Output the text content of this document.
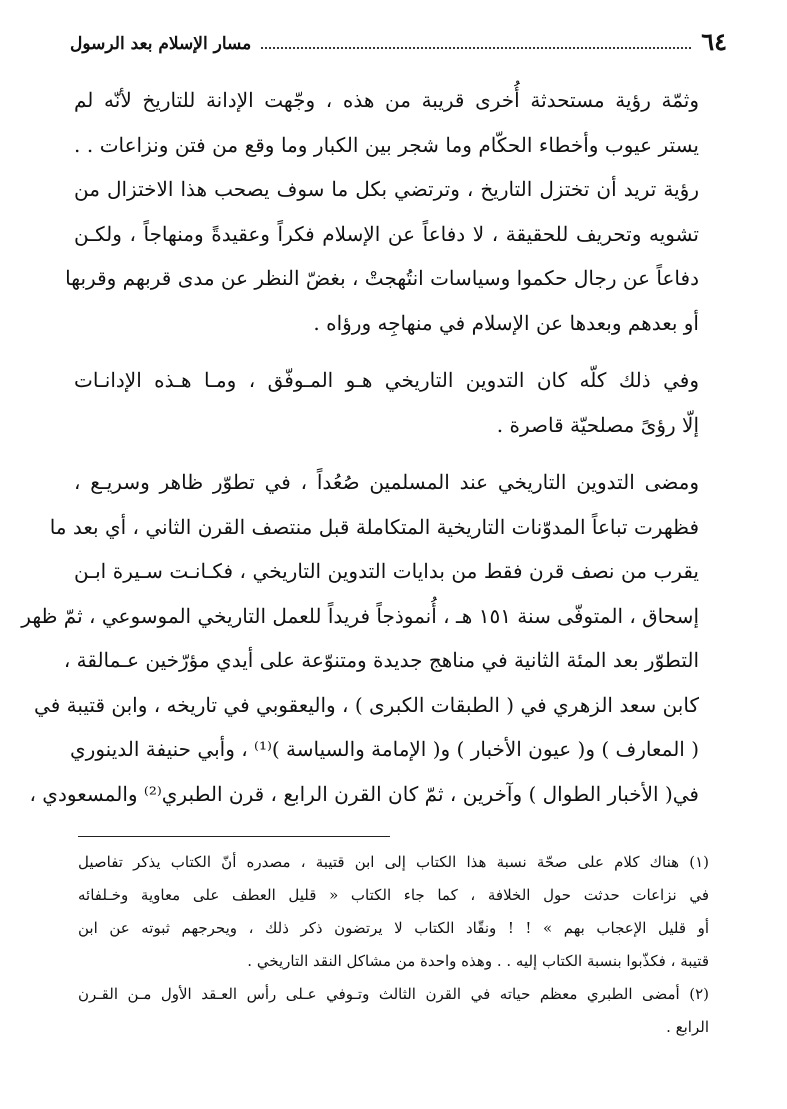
٦٤
مسار الإسلام بعد الرسول

وثمّة رؤية مستحدثة أُخرى قريبة من هذه ، وجّهت الإدانة للتاريخ لأنّه لم
يستر عيوب وأخطاء الحكّام وما شجر بين الكبار وما وقع من فتن ونزاعات . .
رؤية تريد أن تختزل التاريخ ، وترتضي بكل ما سوف يصحب هذا الاختزال من
تشويه وتحريف للحقيقة ، لا دفاعاً عن الإسلام فكراً وعقيدةً ومنهاجاً ، ولكـن
دفاعاً عن رجال حكموا وسياسات انتُهجتْ ، بغضّ النظر عن مدى قربهم وقربها
أو بعدهم وبعدها عن الإسلام في منهاجِه ورؤاه .

وفي ذلك كلّه كان التدوين التاريخي هـو المـوفّق ، ومـا هـذه الإدانـات
إلّا رؤىً مصلحيّة قاصرة .

ومضى التدوين التاريخي عند المسلمين صُعُداً ، في تطوّر ظاهر وسريـع ،
فظهرت تباعاً المدوّنات التاريخية المتكاملة قبل منتصف القرن الثاني ، أي بعد ما
يقرب من نصف قرن فقط من بدايات التدوين التاريخي ، فكـانـت سـيرة ابـن
إسحاق ، المتوفّى سنة ١٥١ هـ ، أُنموذجاً فريداً للعمل التاريخي الموسوعي ، ثمّ ظهر
التطوّر بعد المئة الثانية في مناهج جديدة ومتنوّعة على أيدي مؤرّخين عـمالقة ،
كابن سعد الزهري في ( الطبقات الكبرى ) ، واليعقوبي في تاريخه ، وابن قتيبة في
( المعارف ) و( عيون الأخبار ) و( الإمامة والسياسة )⁽¹⁾ ، وأبي حنيفة الدينوري
في( الأخبار الطوال ) وآخرين ، ثمّ كان القرن الرابع ، قرن الطبري⁽²⁾ والمسعودي ،

(١) هناك كلام على صحّة نسبة هذا الكتاب إلى ابن قتيبة ، مصدره أنّ الكتاب يذكر تفاصيل
في نزاعات حدثت حول الخلافة ، كما جاء الكتاب « قليل العطف على معاوية وخـلفائه
أو قليل الإعجاب بهم » ! ! ونقّاد الكتاب لا يرتضون ذكر ذلك ، ويحرجهم ثبوته عن ابن
قتيبة ، فكذّبوا بنسبة الكتاب إليه . . وهذه واحدة من مشاكل النقد التاريخي .
(٢) أمضى الطبري معظم حياته في القرن الثالث وتـوفي عـلى رأس العـقد الأول مـن القـرن
الرابع .
